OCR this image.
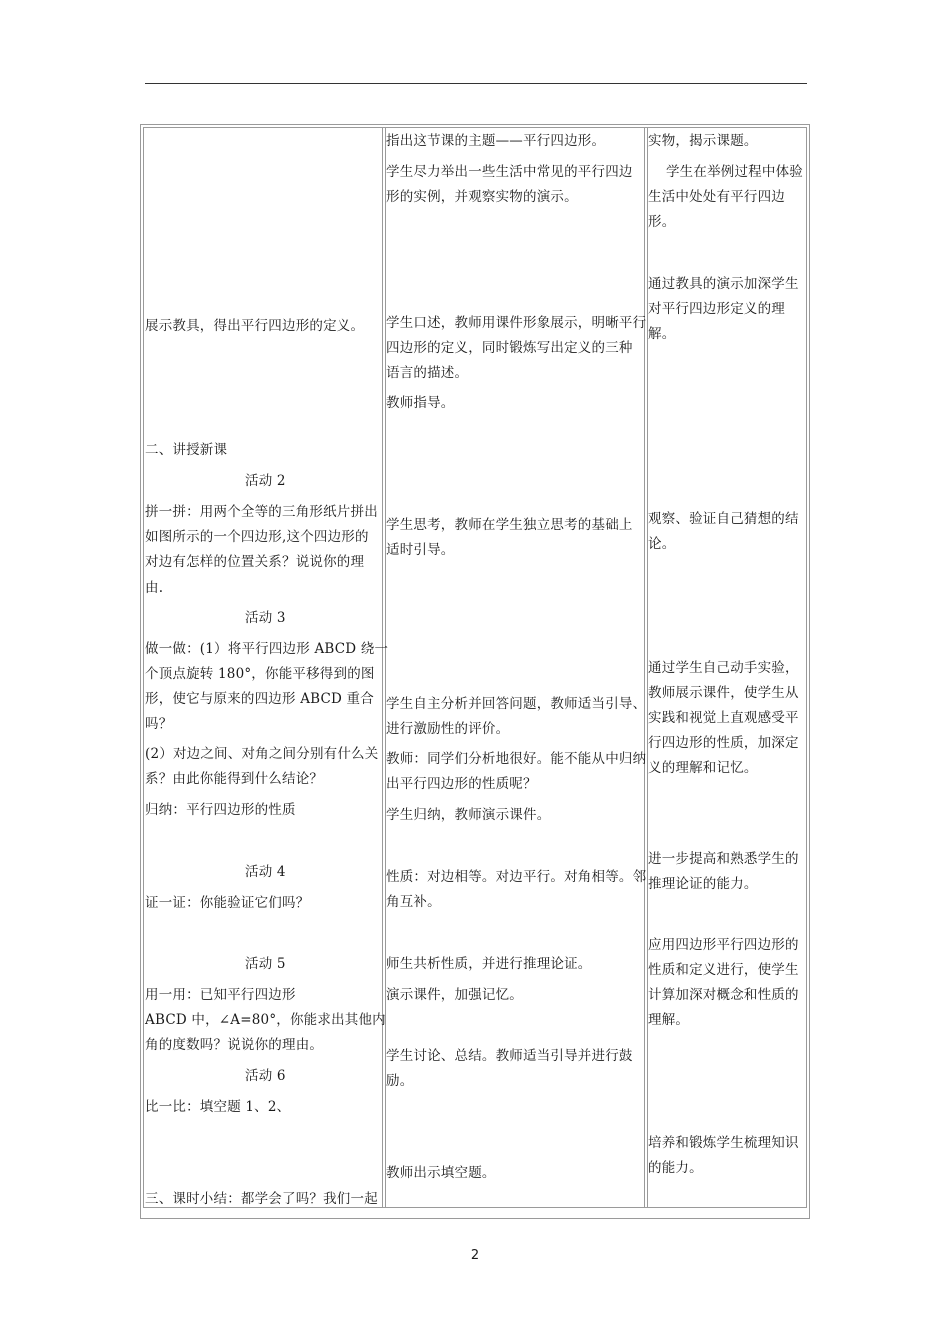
展示教具，得出平行四边形的定义。
二、讲授新课
活动 2
拼一拼：用两个全等的三角形纸片拼出
如图所示的一个四边形,这个四边形的
对边有怎样的位置关系？说说你的理
由.
活动 3
做一做：(1）将平行四边形 ABCD 绕一
个顶点旋转 180°，你能平移得到的图
形，使它与原来的四边形 ABCD 重合
吗？
(2）对边之间、对角之间分别有什么关
系？由此你能得到什么结论？
归纳：平行四边形的性质
活动 4
证一证：你能验证它们吗？
活动 5
用一用：已知平行四边形
ABCD 中，∠A=80°，你能求出其他内
角的度数吗？说说你的理由。
活动 6
比一比：填空题 1、2、
三、课时小结：都学会了吗？我们一起
指出这节课的主题——平行四边形。
学生尽力举出一些生活中常见的平行四边
形的实例，并观察实物的演示。
学生口述，教师用课件形象展示，明晰平行
四边形的定义，同时锻炼写出定义的三种
语言的描述。
教师指导。
学生思考，教师在学生独立思考的基础上
适时引导。
学生自主分析并回答问题，教师适当引导、
进行激励性的评价。
教师：同学们分析地很好。能不能从中归纳
出平行四边形的性质呢？
学生归纳，教师演示课件。
性质：对边相等。对边平行。对角相等。邻
角互补。
师生共析性质，并进行推理论证。
演示课件，加强记忆。
学生讨论、总结。教师适当引导并进行鼓
励。
教师出示填空题。
实物，揭示课题。
学生在举例过程中体验
生活中处处有平行四边
形。
通过教具的演示加深学生
对平行四边形定义的理
解。
观察、验证自己猜想的结
论。
通过学生自己动手实验，
教师展示课件，使学生从
实践和视觉上直观感受平
行四边形的性质，加深定
义的理解和记忆。
进一步提高和熟悉学生的
推理论证的能力。
应用四边形平行四边形的
性质和定义进行，使学生
计算加深对概念和性质的
理解。
培养和锻炼学生梳理知识
的能力。
2
